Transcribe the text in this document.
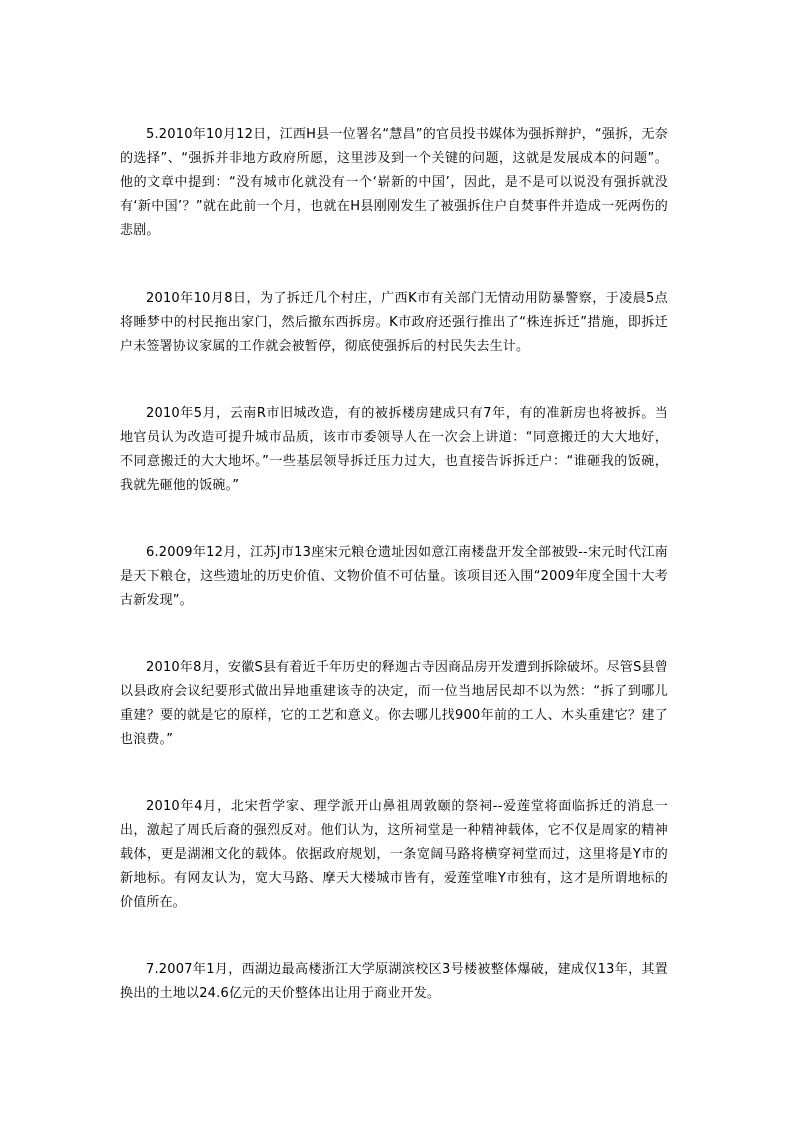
5.2010年10月12日，江西H县一位署名“慧昌”的官员投书媒体为强拆辩护，“强拆，无奈的选择”、“强拆并非地方政府所愿，这里涉及到一个关键的问题，这就是发展成本的问题”。他的文章中提到：“没有城市化就没有一个‘崭新的中国’，因此，是不是可以说没有强拆就没有‘新中国’？”就在此前一个月，也就在H县刚刚发生了被强拆住户自焚事件并造成一死两伤的悲剧。

2010年10月8日，为了拆迁几个村庄，广西K市有关部门无情动用防暴警察，于凌晨5点将睡梦中的村民拖出家门，然后撤东西拆房。K市政府还强行推出了“株连拆迁”措施，即拆迁户未签署协议家属的工作就会被暂停，彻底使强拆后的村民失去生计。

2010年5月，云南R市旧城改造，有的被拆楼房建成只有7年，有的准新房也将被拆。当地官员认为改造可提升城市品质，该市市委领导人在一次会上讲道：“同意搬迁的大大地好，不同意搬迁的大大地坏。”一些基层领导拆迁压力过大，也直接告诉拆迁户：“谁砸我的饭碗，我就先砸他的饭碗。”

6.2009年12月，江苏J市13座宋元粮仓遗址因如意江南楼盘开发全部被毁--宋元时代江南是天下粮仓，这些遗址的历史价值、文物价值不可估量。该项目还入围“2009年度全国十大考古新发现”。

2010年8月，安徽S县有着近千年历史的释迦古寺因商品房开发遭到拆除破坏。尽管S县曾以县政府会议纪要形式做出异地重建该寺的决定，而一位当地居民却不以为然：“拆了到哪儿重建？要的就是它的原样，它的工艺和意义。你去哪儿找900年前的工人、木头重建它？建了也浪费。”

2010年4月，北宋哲学家、理学派开山鼻祖周敦颐的祭祠--爱莲堂将面临拆迁的消息一出，激起了周氏后裔的强烈反对。他们认为，这所祠堂是一种精神载体，它不仅是周家的精神载体，更是湖湘文化的载体。依据政府规划，一条宽阔马路将横穿祠堂而过，这里将是Y市的新地标。有网友认为，宽大马路、摩天大楼城市皆有，爱莲堂唯Y市独有，这才是所谓地标的价值所在。

7.2007年1月，西湖边最高楼浙江大学原湖滨校区3号楼被整体爆破，建成仅13年，其置换出的土地以24.6亿元的天价整体出让用于商业开发。
